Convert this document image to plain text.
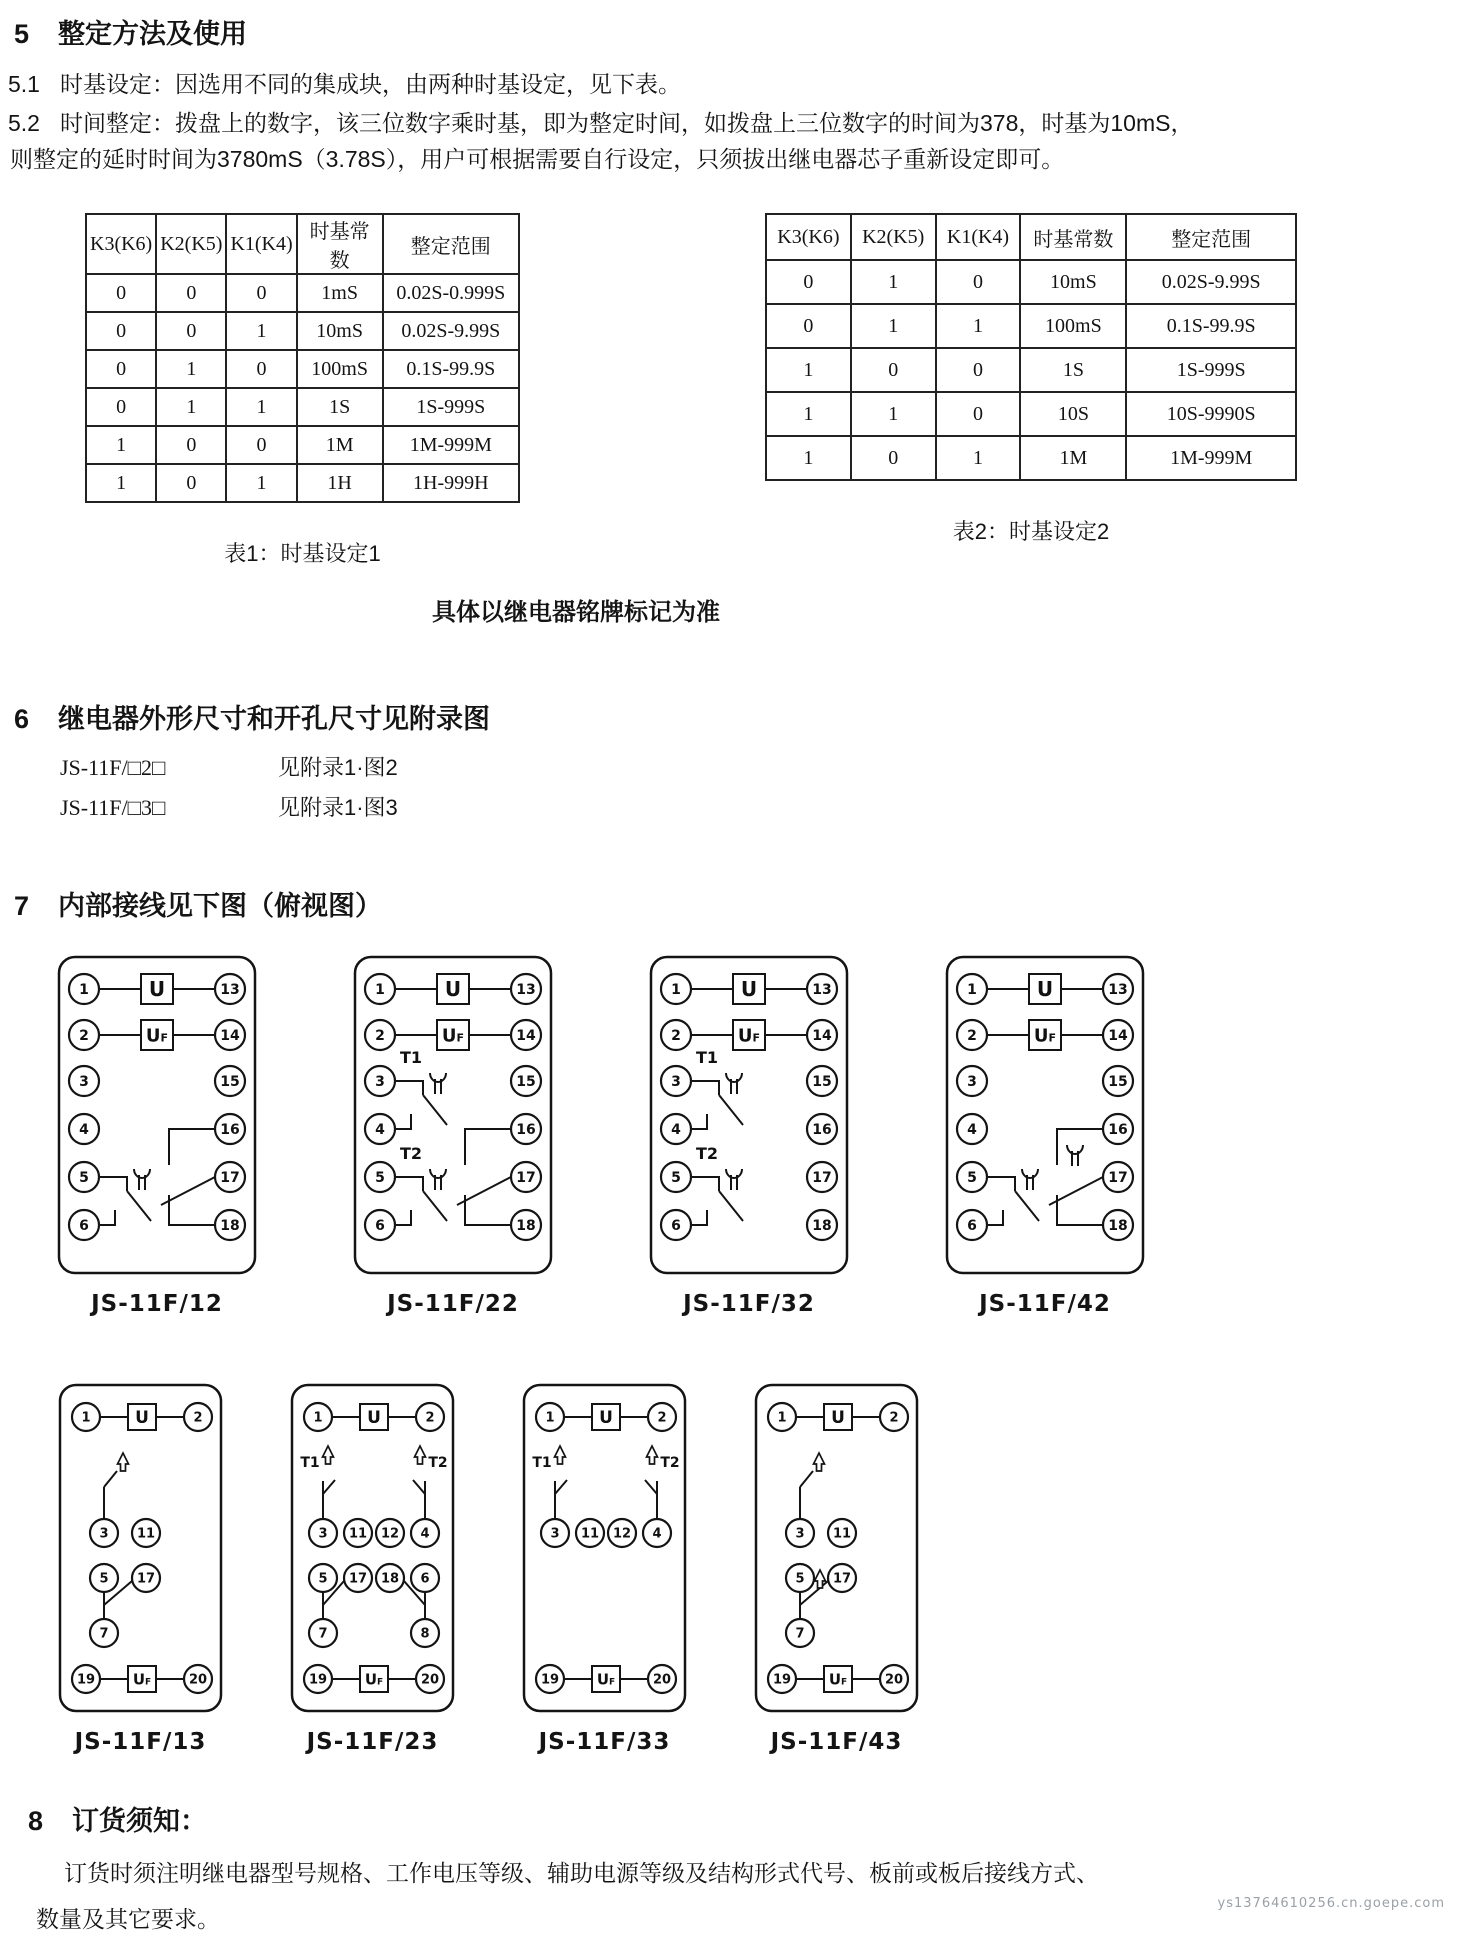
5	整定方法及使用
5.1 时基设定：因选用不同的集成块，由两种时基设定，见下表。
5.2 时间整定：拨盘上的数字，该三位数字乘时基，即为整定时间，如拨盘上三位数字的时间为378，时基为10mS，
则整定的延时时间为3780mS（3.78S），用户可根据需要自行设定，只须拔出继电器芯子重新设定即可。
K3(K6)	K2(K5)	K1(K4)	时基常数	整定范围
0	0	0	1mS	0.02S-0.999S
0	0	1	10mS	0.02S-9.99S
0	1	0	100mS	0.1S-99.9S
0	1	1	1S	1S-999S
1	0	0	1M	1M-999M
1	0	1	1H	1H-999H
表1：时基设定1
K3(K6)	K2(K5)	K1(K4)	时基常数	整定范围
0	1	0	10mS	0.02S-9.99S
0	1	1	100mS	0.1S-99.9S
1	0	0	1S	1S-999S
1	1	0	10S	10S-9990S
1	0	1	1M	1M-999M
表2：时基设定2
具体以继电器铭牌标记为准
6	继电器外形尺寸和开孔尺寸见附录图
JS-11F/□2□	见附录1·图2
JS-11F/□3□	见附录1·图3
7	内部接线见下图（俯视图）
1
2
3
4
5
6
13
14
15
16
17
18
U
UF
JS-11F/12
1
2
3
4
5
6
13
14
15
16
17
18
U
UF
T1
T2
JS-11F/22
1
2
3
4
5
6
13
14
15
16
17
18
U
UF
T1
T2
JS-11F/32
1
2
3
4
5
6
13
14
15
16
17
18
U
UF
JS-11F/42
1	2
U
19	20
UF
3 11
5 17
7
JS-11F/13
1	2
U
19	20
UF
3 11 12 4
5 17 18 6
7	8
T1	T2
JS-11F/23
1	2
U
19	20
UF
3 11 12 4
T1	T2
JS-11F/33
1	2
U
19	20
UF
3 11
5 17
7
JS-11F/43
8	订货须知：
订货时须注明继电器型号规格、工作电压等级、辅助电源等级及结构形式代号、板前或板后接线方式、
数量及其它要求。
ys13764610256.cn.goepe.com
